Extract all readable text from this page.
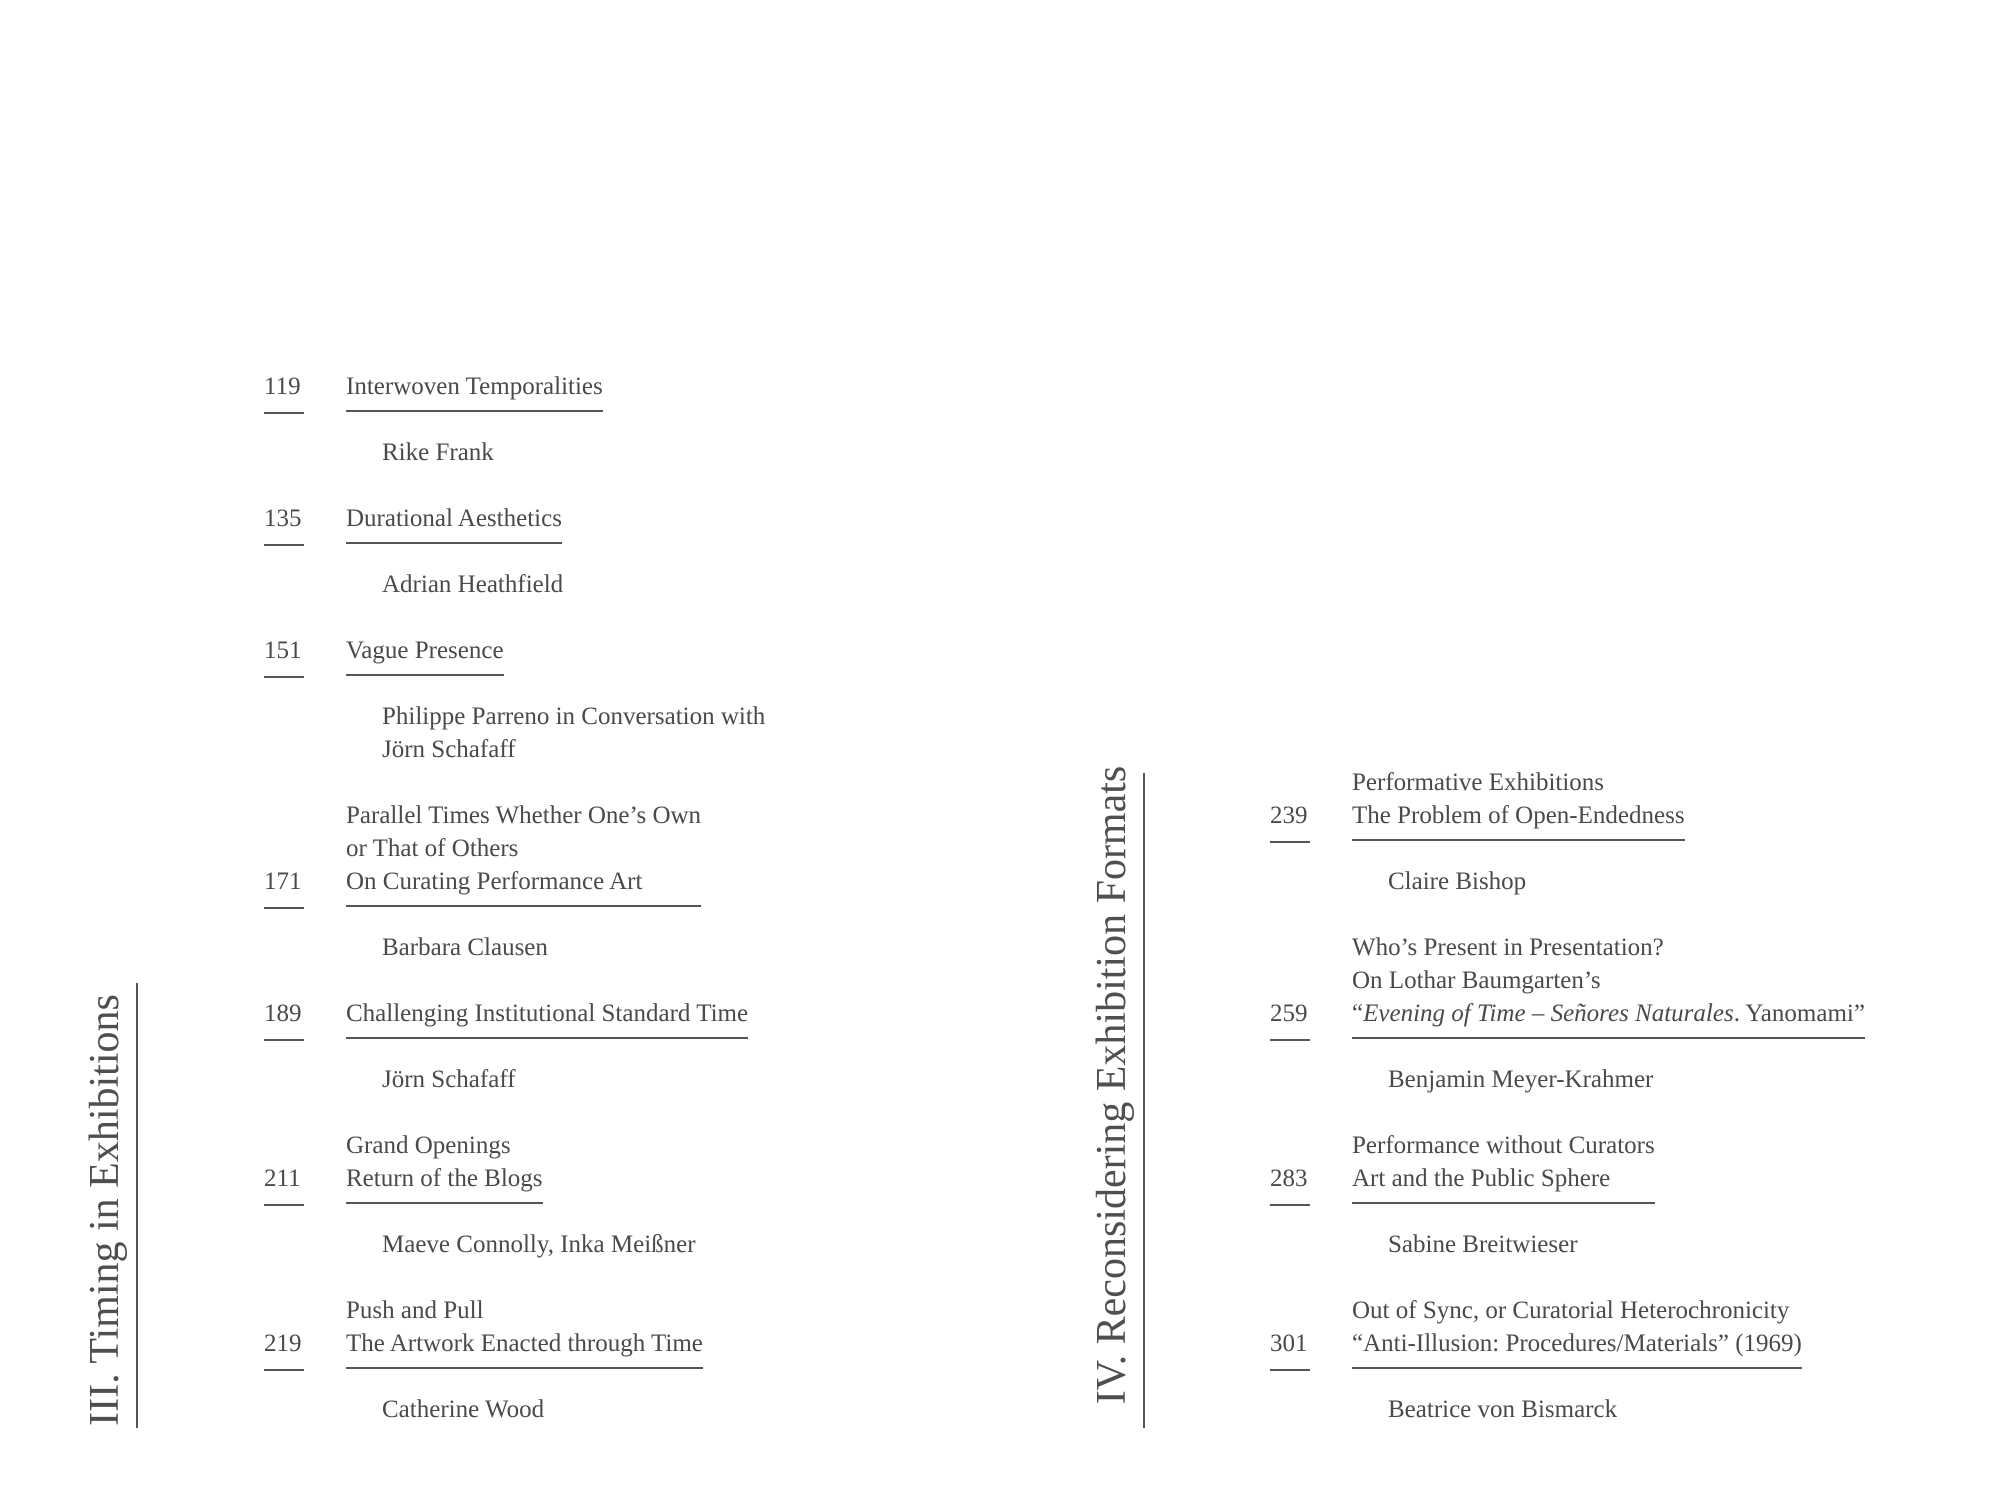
III. Timing in Exhibitions	IV. Reconsidering Exhibition Formats
119 Interwoven Temporalities
Rike Frank
135 Durational Aesthetics
Adrian Heathfield
151 Vague Presence
Philippe Parreno in Conversation with
Jörn Schafaff
171
Parallel Times Whether One’s Own
or That of Others
On Curating Performance Art
Barbara Clausen
189 Challenging Institutional Standard Time
Jörn Schafaff
211
Grand Openings
Return of the Blogs
Maeve Connolly, Inka Meißner
219
Push and Pull
The Artwork Enacted through Time
Catherine Wood
239
Performative Exhibitions
The Problem of Open-Endedness
Claire Bishop
259
Who’s Present in Presentation?
On Lothar Baumgarten’s
“Evening of Time – Señores Naturales. Yanomami”
Benjamin Meyer-Krahmer
283
Performance without Curators
Art and the Public Sphere
Sabine Breitwieser
301
Out of Sync, or Curatorial Heterochronicity
“Anti-Illusion: Procedures/Materials” (1969)
Beatrice von Bismarck
